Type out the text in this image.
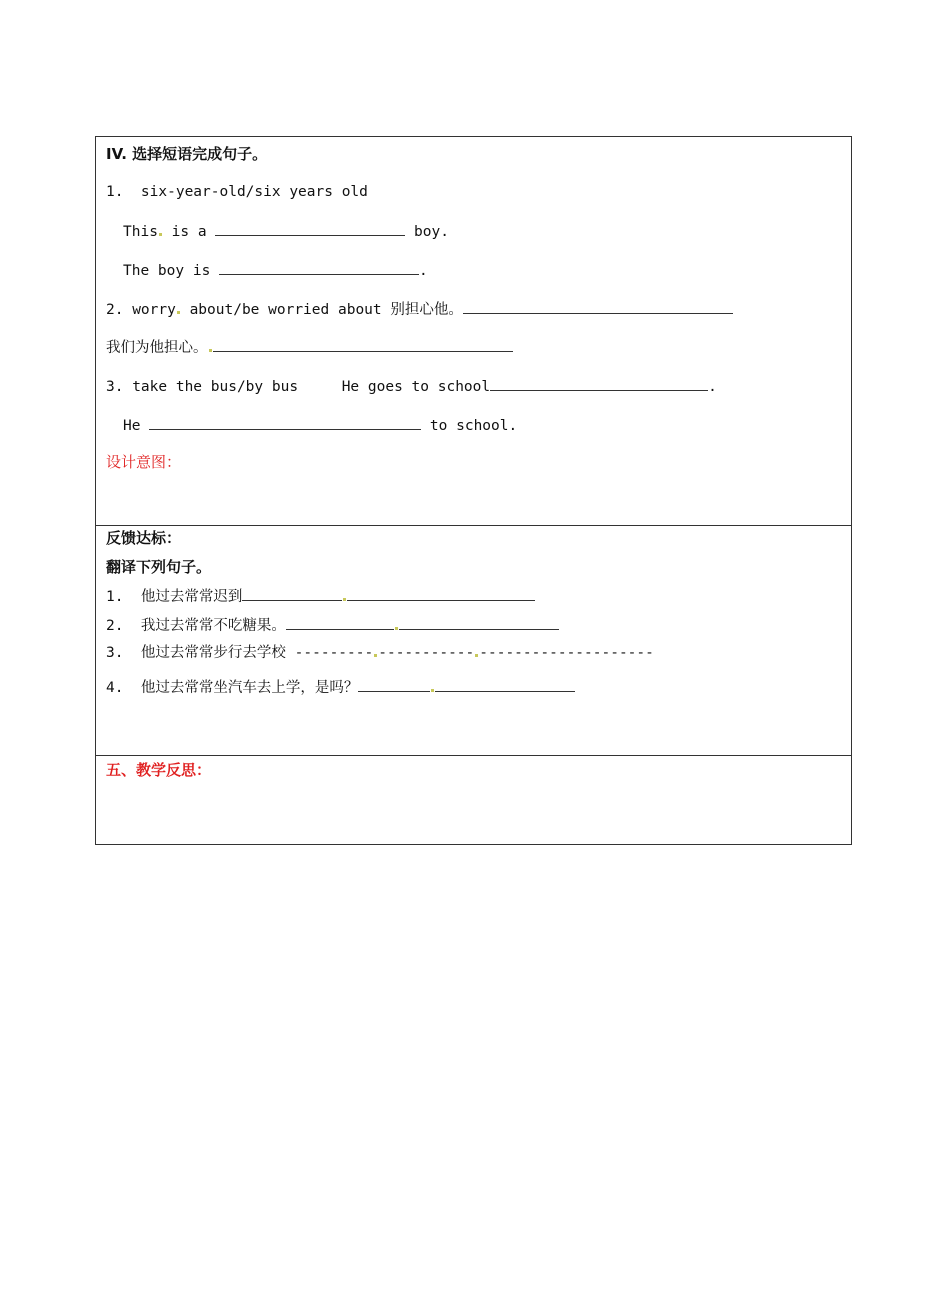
IV. 选择短语完成句子。
1.  six-year-old/six years old
This is a	boy.
The boy is	.
2. worry about/be worried about 别担心他。
我们为他担心。
3. take the bus/by bus     He goes to school	.
He	to school.
设计意图：
反馈达标：
翻译下列句子。
1.  他过去常常迟到
2.  我过去常常不吃糖果。
3.  他过去常常步行去学校 --------- ----------- --------------------
4.  他过去常常坐汽车去上学，是吗？
五、教学反思：
